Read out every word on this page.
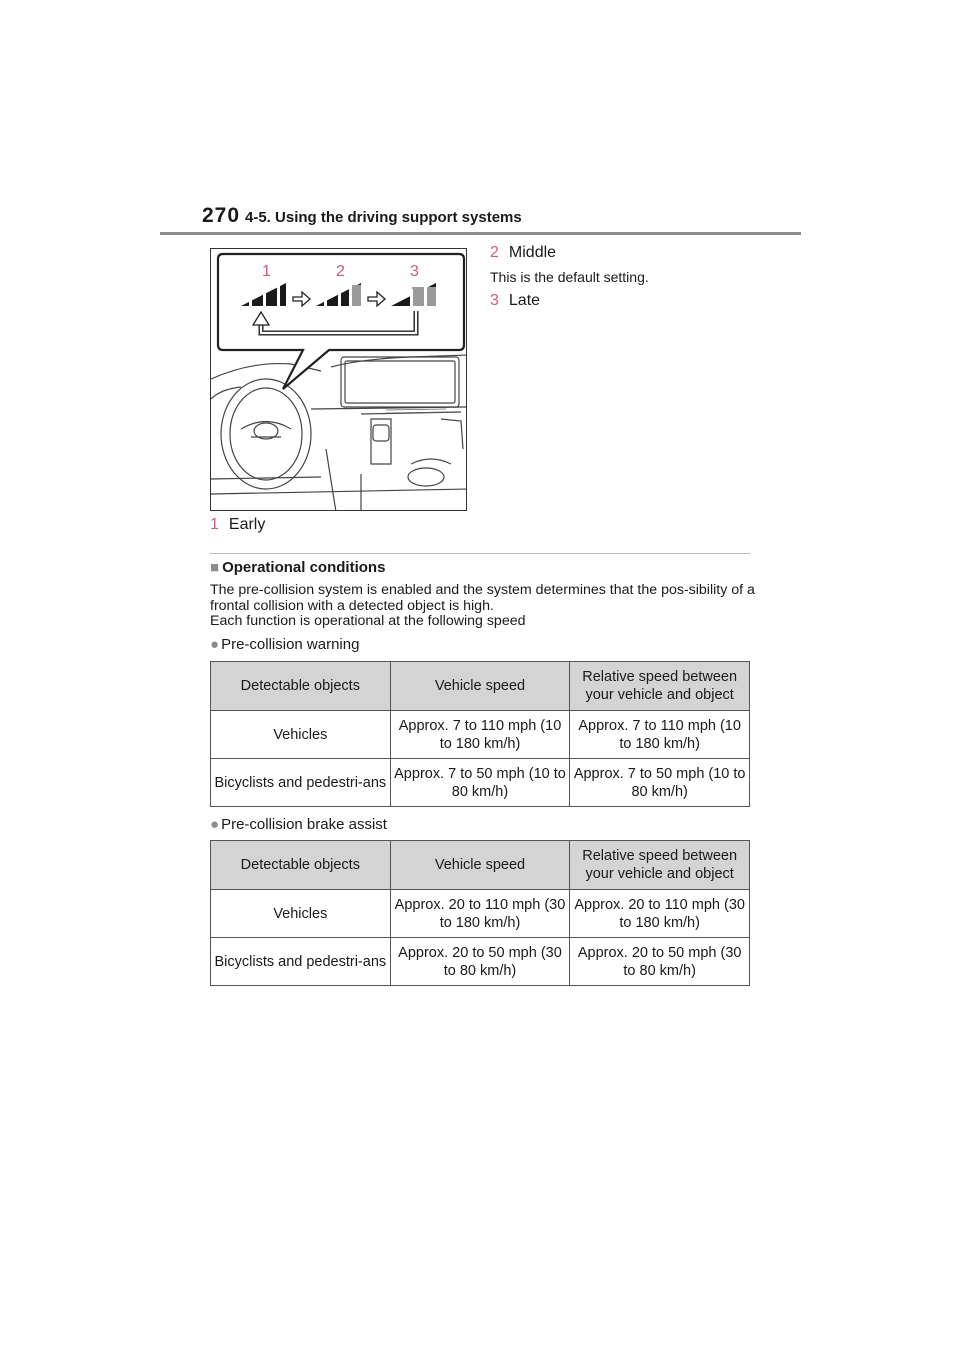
270 4-5. Using the driving support systems
1	2	3
1 Early
2 Middle
This is the default setting.
3 Late
■ Operational conditions
The pre-collision system is enabled and the system determines that the pos-sibility of a frontal collision with a detected object is high.
Each function is operational at the following speed
● Pre-collision warning
Detectable objects	Vehicle speed	Relative speed between your vehicle and object
Vehicles	Approx. 7 to 110 mph (10 to 180 km/h)	Approx. 7 to 110 mph (10 to 180 km/h)
Bicyclists and pedestri-ans	Approx. 7 to 50 mph (10 to 80 km/h)	Approx. 7 to 50 mph (10 to 80 km/h)
● Pre-collision brake assist
Detectable objects	Vehicle speed	Relative speed between your vehicle and object
Vehicles	Approx. 20 to 110 mph (30 to 180 km/h)	Approx. 20 to 110 mph (30 to 180 km/h)
Bicyclists and pedestri-ans	Approx. 20 to 50 mph (30 to 80 km/h)	Approx. 20 to 50 mph (30 to 80 km/h)
